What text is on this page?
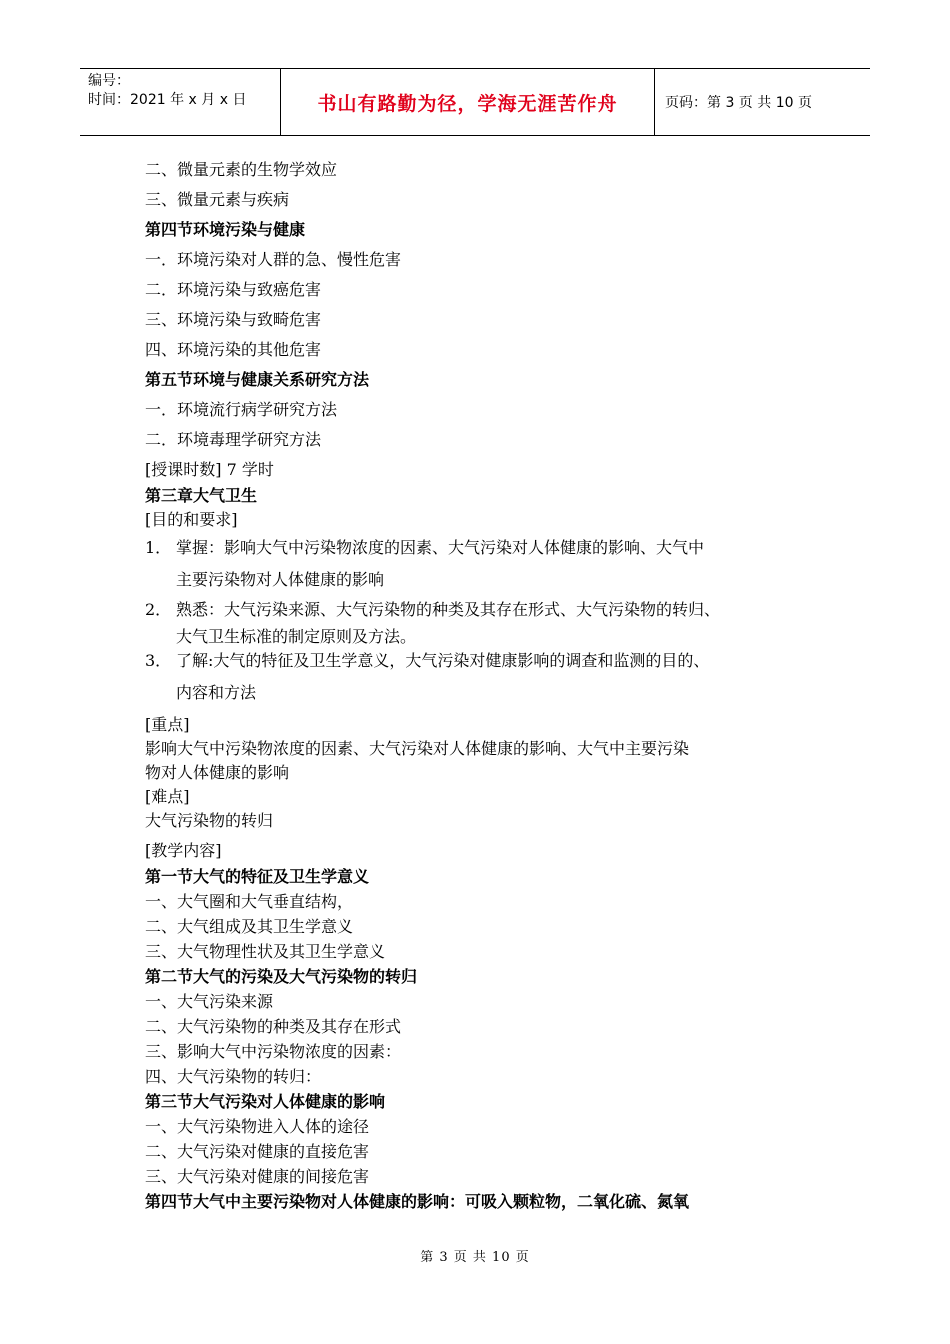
编号：
时间：2021 年 x 月 x 日	书山有路勤为径，学海无涯苦作舟	页码：第 3 页 共 10 页
二、微量元素的生物学效应
三、微量元素与疾病
第四节环境污染与健康
一．环境污染对人群的急、慢性危害
二．环境污染与致癌危害
三、环境污染与致畸危害
四、环境污染的其他危害
第五节环境与健康关系研究方法
一．环境流行病学研究方法
二．环境毒理学研究方法
[授课时数] 7 学时
第三章大气卫生
[目的和要求]
1． 掌握：影响大气中污染物浓度的因素、大气污染对人体健康的影响、大气中
主要污染物对人体健康的影响
2． 熟悉：大气污染来源、大气污染物的种类及其存在形式、大气污染物的转归、
大气卫生标准的制定原则及方法。
3． 了解:大气的特征及卫生学意义，大气污染对健康影响的调查和监测的目的、
内容和方法
[重点]
影响大气中污染物浓度的因素、大气污染对人体健康的影响、大气中主要污染
物对人体健康的影响
[难点]
大气污染物的转归
[教学内容]
第一节大气的特征及卫生学意义
一、大气圈和大气垂直结构，
二、大气组成及其卫生学意义
三、大气物理性状及其卫生学意义
第二节大气的污染及大气污染物的转归
一、大气污染来源
二、大气污染物的种类及其存在形式
三、影响大气中污染物浓度的因素：
四、大气污染物的转归：
第三节大气污染对人体健康的影响
一、大气污染物进入人体的途径
二、大气污染对健康的直接危害
三、大气污染对健康的间接危害
第四节大气中主要污染物对人体健康的影响：可吸入颗粒物，二氧化硫、氮氧
第 3 页 共 10 页
